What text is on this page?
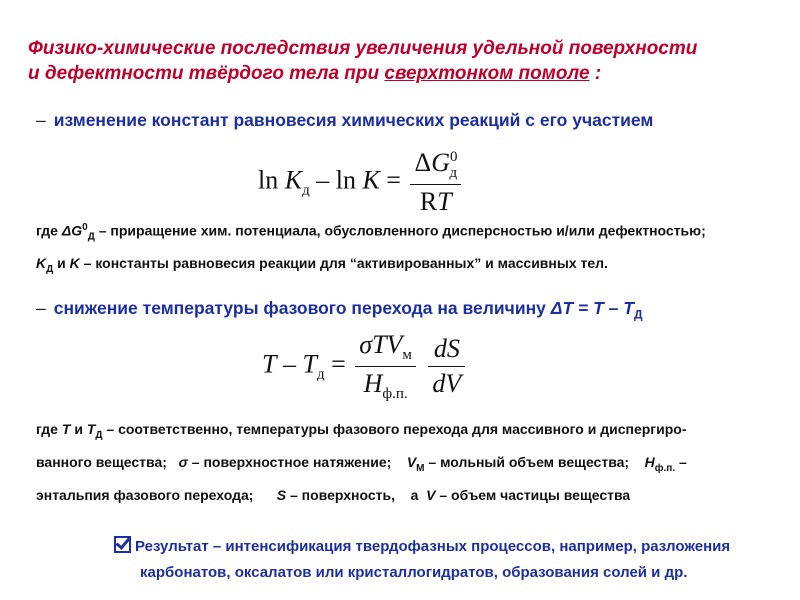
Физико-химические последствия увеличения удельной поверхности
и дефектности твёрдого тела при сверхтонком помоле :
– изменение констант равновесия химических реакций с его участием
$\ln K_д - \ln K = \frac{\Delta G^0_д}{RT}$
где $\Delta G^0_Д$ – приращение хим. потенциала, обусловленного дисперсностью и/или дефектностью;
$K_Д$ и K – константы равновесия реакции для “активированных” и массивных тел.
– снижение температуры фазового перехода на величину $\Delta T = T - T_Д$
$T - T_д = \frac{\sigma TV_м}{H_{ф.п.}}$
$\frac{dS}{dV}$
где T и $T_Д$ – соответственно, температуры фазового перехода для массивного и диспергиро-
ванного вещества;   σ – поверхностное натяжение;    $V_М$ – мольный объем вещества;    $H_{ф.п.}$ –
энтальпия фазового перехода;      S – поверхность,    а  V – объем частицы вещества
Результат – интенсификация твердофазных процессов, например, разложения
карбонатов, оксалатов или кристаллогидратов, образования солей и др.
